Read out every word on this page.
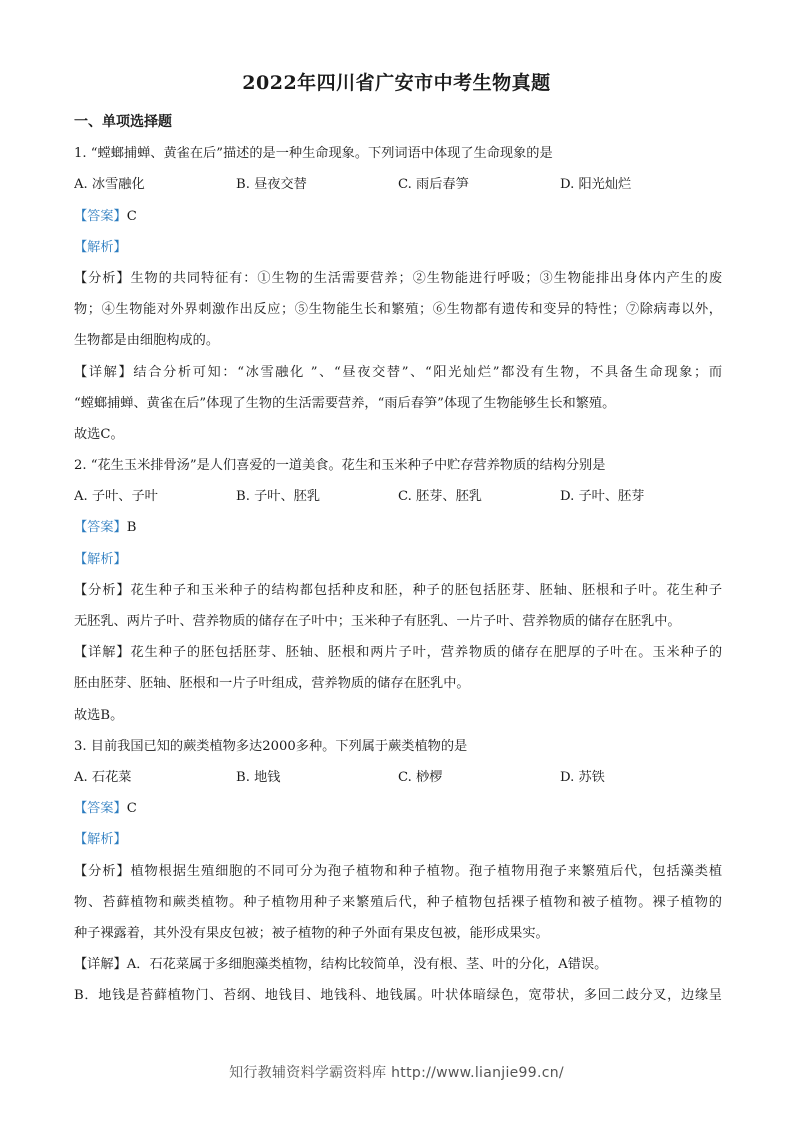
2022年四川省广安市中考生物真题
一、单项选择题
1. “螳螂捕蝉、黄雀在后”描述的是一种生命现象。下列词语中体现了生命现象的是
A. 冰雪融化	B. 昼夜交替	C. 雨后春笋	D. 阳光灿烂
【答案】C
【解析】
【分析】生物的共同特征有：①生物的生活需要营养；②生物能进行呼吸；③生物能排出身体内产生的废
物；④生物能对外界刺激作出反应；⑤生物能生长和繁殖；⑥生物都有遗传和变异的特性；⑦除病毒以外，
生物都是由细胞构成的。
【详解】结合分析可知：“冰雪融化 ”、“昼夜交替”、“阳光灿烂”都没有生物，不具备生命现象；而
“螳螂捕蝉、黄雀在后”体现了生物的生活需要营养，“雨后春笋”体现了生物能够生长和繁殖。
故选C。
2. “花生玉米排骨汤”是人们喜爱的一道美食。花生和玉米种子中贮存营养物质的结构分别是
A. 子叶、子叶	B. 子叶、胚乳	C. 胚芽、胚乳	D. 子叶、胚芽
【答案】B
【解析】
【分析】花生种子和玉米种子的结构都包括种皮和胚，种子的胚包括胚芽、胚轴、胚根和子叶。花生种子
无胚乳、两片子叶、营养物质的储存在子叶中；玉米种子有胚乳、一片子叶、营养物质的储存在胚乳中。
【详解】花生种子的胚包括胚芽、胚轴、胚根和两片子叶，营养物质的储存在肥厚的子叶在。玉米种子的
胚由胚芽、胚轴、胚根和一片子叶组成，营养物质的储存在胚乳中。
故选B。
3. 目前我国已知的蕨类植物多达2000多种。下列属于蕨类植物的是
A. 石花菜	B. 地钱	C. 桫椤	D. 苏铁
【答案】C
【解析】
【分析】植物根据生殖细胞的不同可分为孢子植物和种子植物。孢子植物用孢子来繁殖后代，包括藻类植
物、苔藓植物和蕨类植物。种子植物用种子来繁殖后代，种子植物包括裸子植物和被子植物。裸子植物的
种子裸露着，其外没有果皮包被；被子植物的种子外面有果皮包被，能形成果实。
【详解】A．石花菜属于多细胞藻类植物，结构比较简单，没有根、茎、叶的分化，A错误。
B．地钱是苔藓植物门、苔纲、地钱目、地钱科、地钱属。叶状体暗绿色，宽带状，多回二歧分叉，边缘呈
知行教辅资料学霸资料库 http://www.lianjie99.cn/
